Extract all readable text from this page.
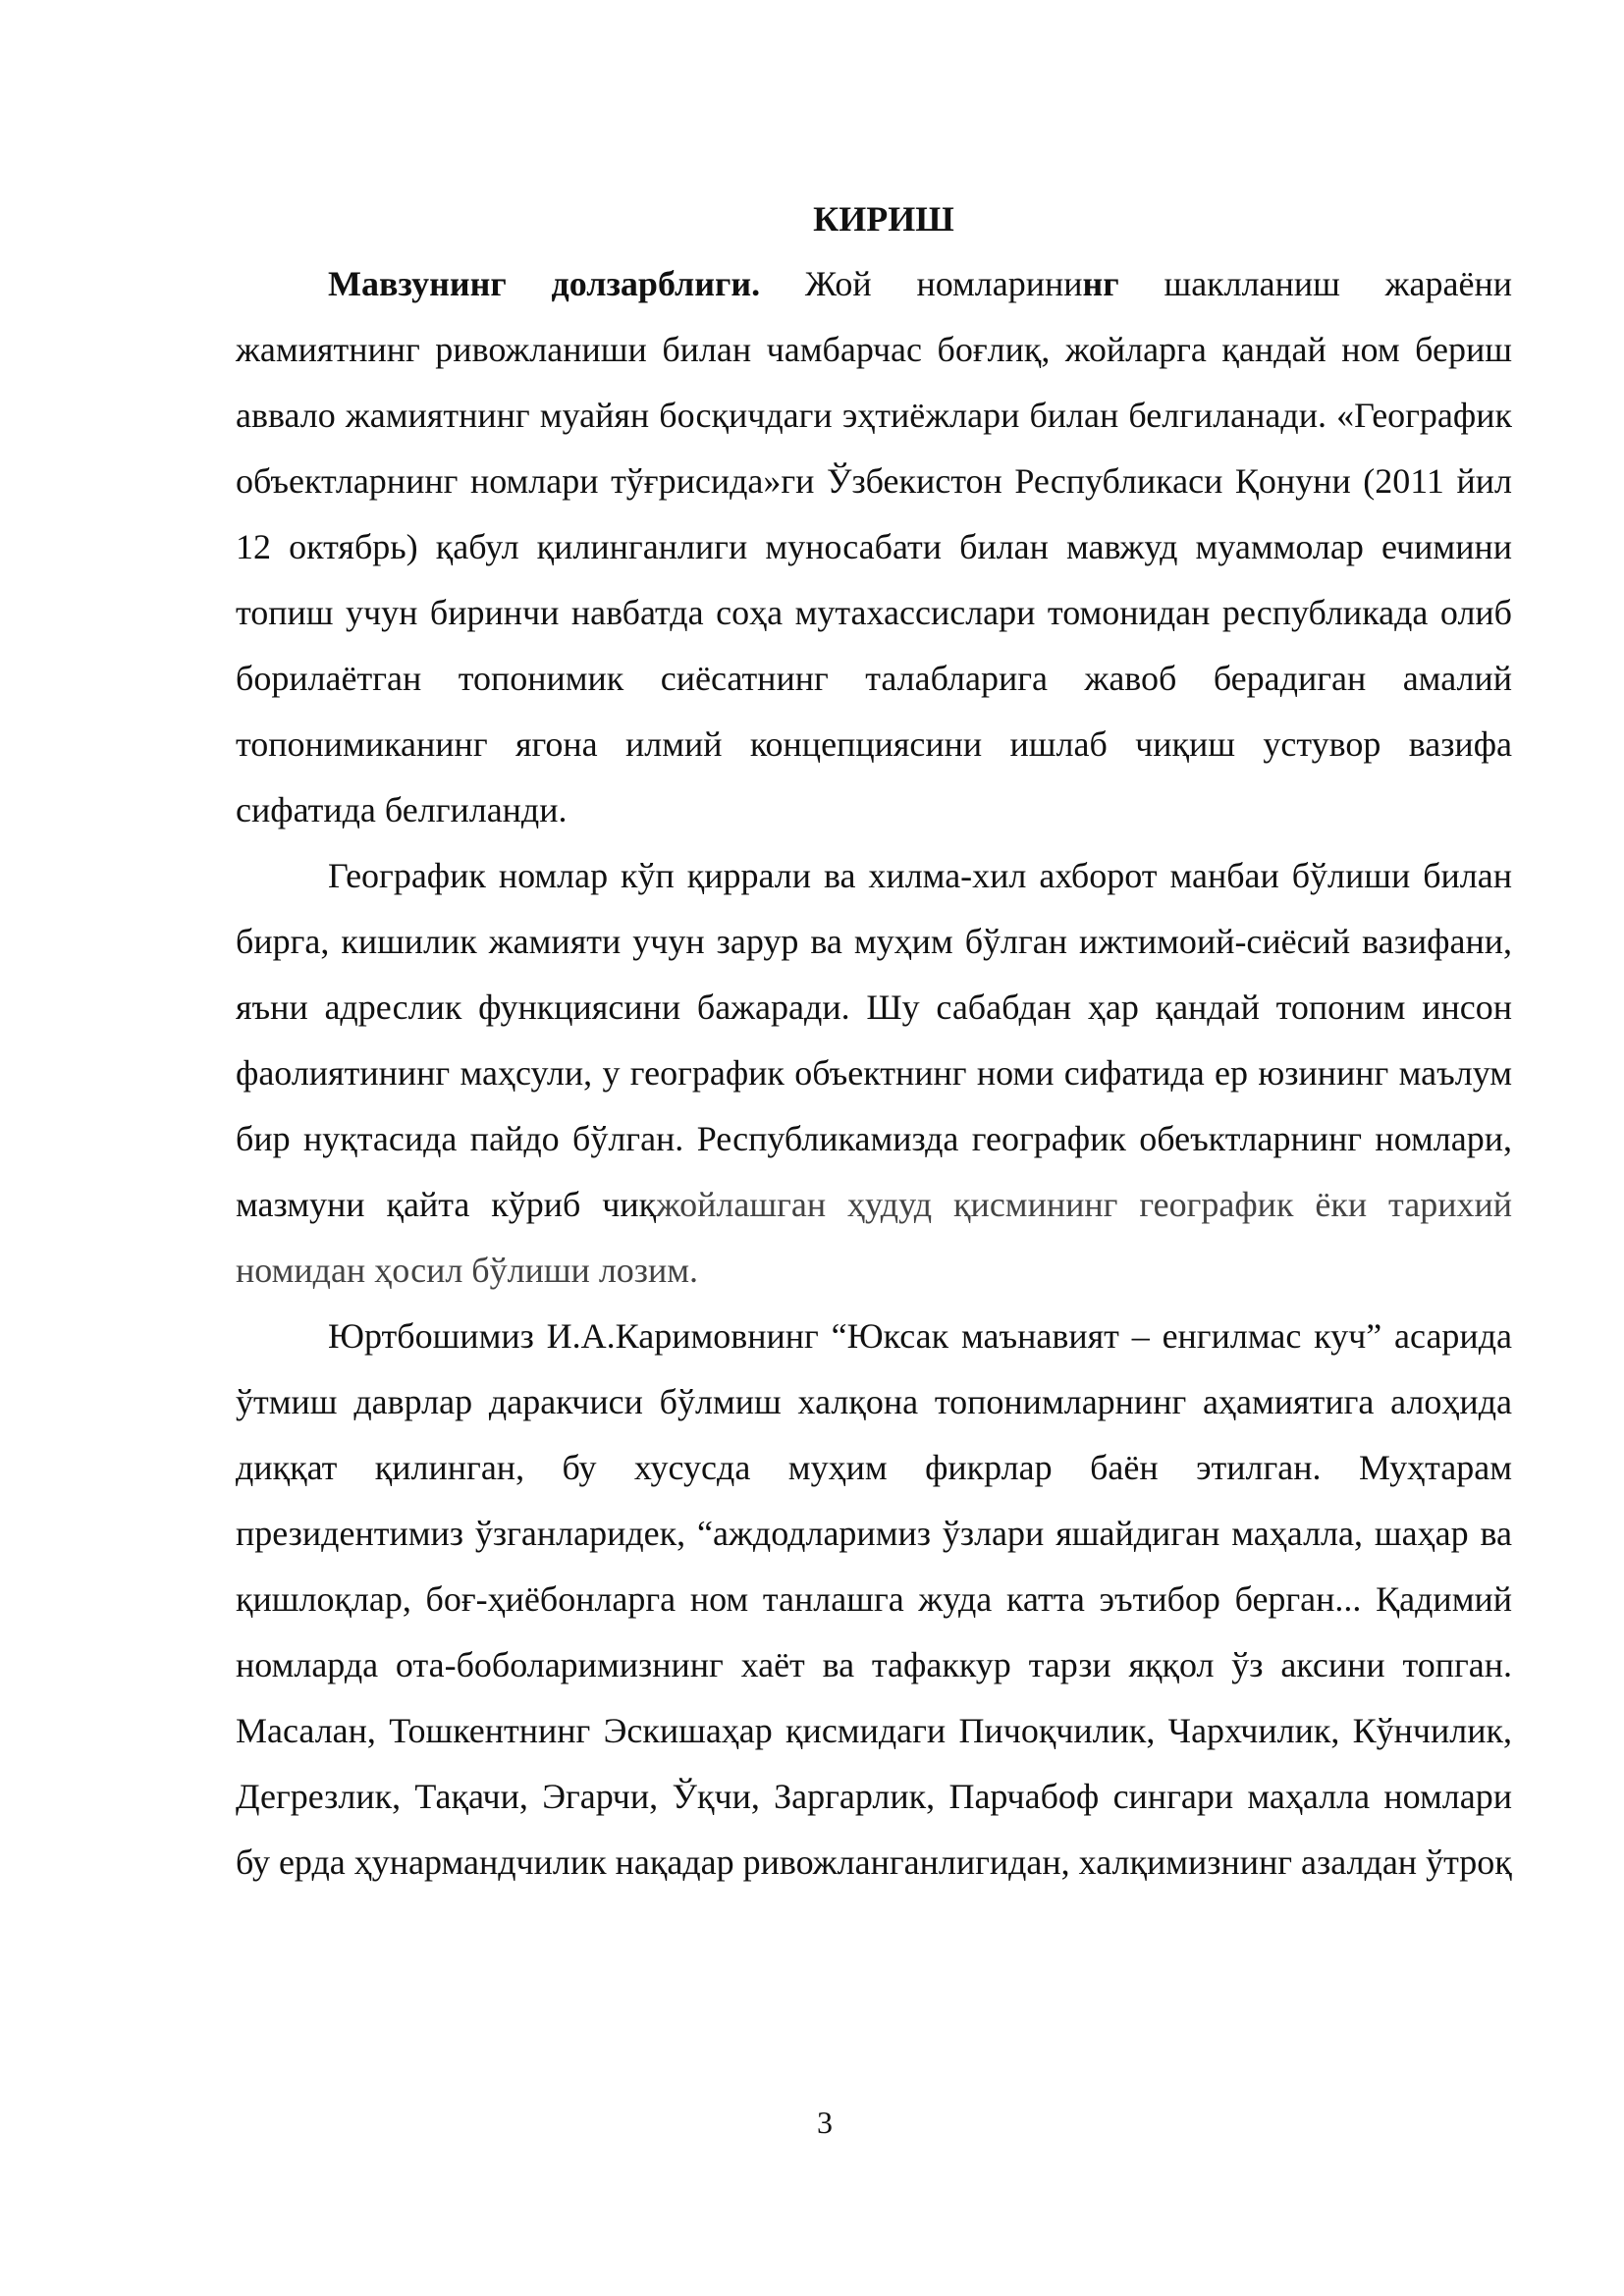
КИРИШ

Мавзунинг долзарблиги. Жой номларининг шаклланиш жараёни жамиятнинг ривожланиши билан чамбарчас боғлиқ, жойларга қандай ном бериш аввало жамиятнинг муайян босқичдаги эҳтиёжлари билан белгиланади. «Географик объектларнинг номлари тўғрисида»ги Ўзбекистон Республикаси Қонуни (2011 йил 12 октябрь) қабул қилинганлиги муносабати билан мавжуд муаммолар ечимини топиш учун биринчи навбатда соҳа мутахассислари томонидан республикада олиб борилаётган топонимик сиёсатнинг талабларига жавоб берадиган амалий топонимиканинг ягона илмий концепциясини ишлаб чиқиш устувор вазифа сифатида белгиланди.

Географик номлар кўп қиррали ва хилма-хил ахборот манбаи бўлиши билан бирга, кишилик жамияти учун зарур ва муҳим бўлган ижтимоий-сиёсий вазифани, яъни адреслик функциясини бажаради. Шу сабабдан ҳар қандай топоним инсон фаолиятининг маҳсули, у географик объектнинг номи сифатида ер юзининг маълум бир нуқтасида пайдо бўлган. Республикамизда географик обеъктларнинг номлари, мазмуни қайта кўриб чиқжойлашган ҳудуд қисмининг географик ёки тарихий номидан ҳосил бўлиши лозим.

Юртбошимиз И.А.Каримовнинг “Юксак маънавият – енгилмас куч” асарида ўтмиш даврлар даракчиси бўлмиш халқона топонимларнинг аҳамиятига алоҳида диққат қилинган, бу хусусда муҳим фикрлар баён этилган. Муҳтарам президентимиз ўзганларидек, “аждодларимиз ўзлари яшайдиган маҳалла, шаҳар ва қишлоқлар, боғ-ҳиёбонларга ном танлашга жуда катта эътибор берган... Қадимий номларда ота-боболаримизнинг хаёт ва тафаккур тарзи яққол ўз аксини топган. Масалан, Тошкентнинг Эскишаҳар қисмидаги Пичоқчилик, Чархчилик, Кўнчилик, Дегрезлик, Тақачи, Эгарчи, Ўқчи, Заргарлик, Парчабоф сингари маҳалла номлари бу ерда ҳунармандчилик нақадар ривожланганлигидан, халқимизнинг азалдан ўтроқ

3
